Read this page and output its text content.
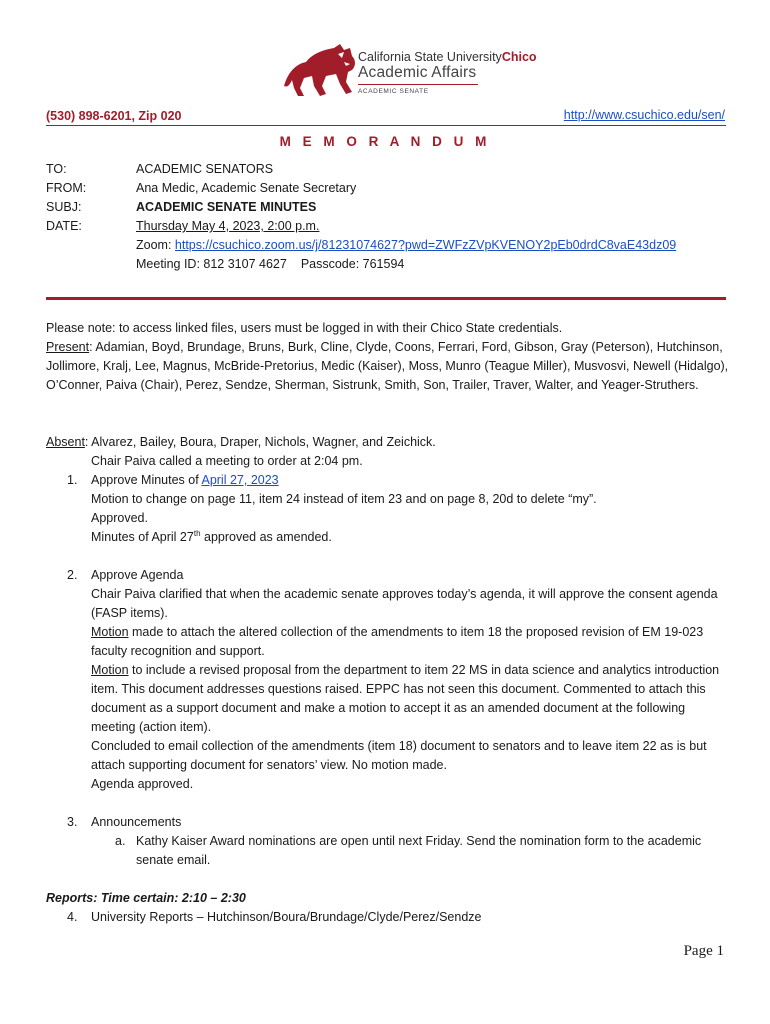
California State UniversityChico
Academic Affairs
ACADEMIC SENATE
(530) 898-6201, Zip 020	http://www.csuchico.edu/sen/
M E M O R A N D U M
TO:	ACADEMIC SENATORS
FROM:	Ana Medic, Academic Senate Secretary
SUBJ:	ACADEMIC SENATE MINUTES
DATE:	Thursday May 4, 2023, 2:00 p.m.
Zoom: https://csuchico.zoom.us/j/81231074627?pwd=ZWFzZVpKVENOY2pEb0drdC8vaE43dz09
Meeting ID: 812 3107 4627 Passcode: 761594
Please note: to access linked files, users must be logged in with their Chico State credentials.
Present: Adamian, Boyd, Brundage, Bruns, Burk, Cline, Clyde, Coons, Ferrari, Ford, Gibson, Gray (Peterson), Hutchinson, Jollimore, Kralj, Lee, Magnus, McBride-Pretorius, Medic (Kaiser), Moss, Munro (Teague Miller), Musvosvi, Newell (Hidalgo), O’Conner, Paiva (Chair), Perez, Sendze, Sherman, Sistrunk, Smith, Son, Trailer, Traver, Walter, and Yeager-Struthers.
Absent: Alvarez, Bailey, Boura, Draper, Nichols, Wagner, and Zeichick.
Chair Paiva called a meeting to order at 2:04 pm.
1.	Approve Minutes of April 27, 2023
Motion to change on page 11, item 24 instead of item 23 and on page 8, 20d to delete “my”.
Approved.
Minutes of April 27th approved as amended.
2.	Approve Agenda
Chair Paiva clarified that when the academic senate approves today’s agenda, it will approve the consent agenda (FASP items).
Motion made to attach the altered collection of the amendments to item 18 the proposed revision of EM 19-023 faculty recognition and support.
Motion to include a revised proposal from the department to item 22 MS in data science and analytics introduction item. This document addresses questions raised. EPPC has not seen this document. Commented to attach this document as a support document and make a motion to accept it as an amended document at the following meeting (action item).
Concluded to email collection of the amendments (item 18) document to senators and to leave item 22 as is but attach supporting document for senators’ view. No motion made.
Agenda approved.
3.	Announcements
a. Kathy Kaiser Award nominations are open until next Friday. Send the nomination form to the academic senate email.
Reports: Time certain: 2:10 – 2:30
4.	University Reports – Hutchinson/Boura/Brundage/Clyde/Perez/Sendze
Page 1
